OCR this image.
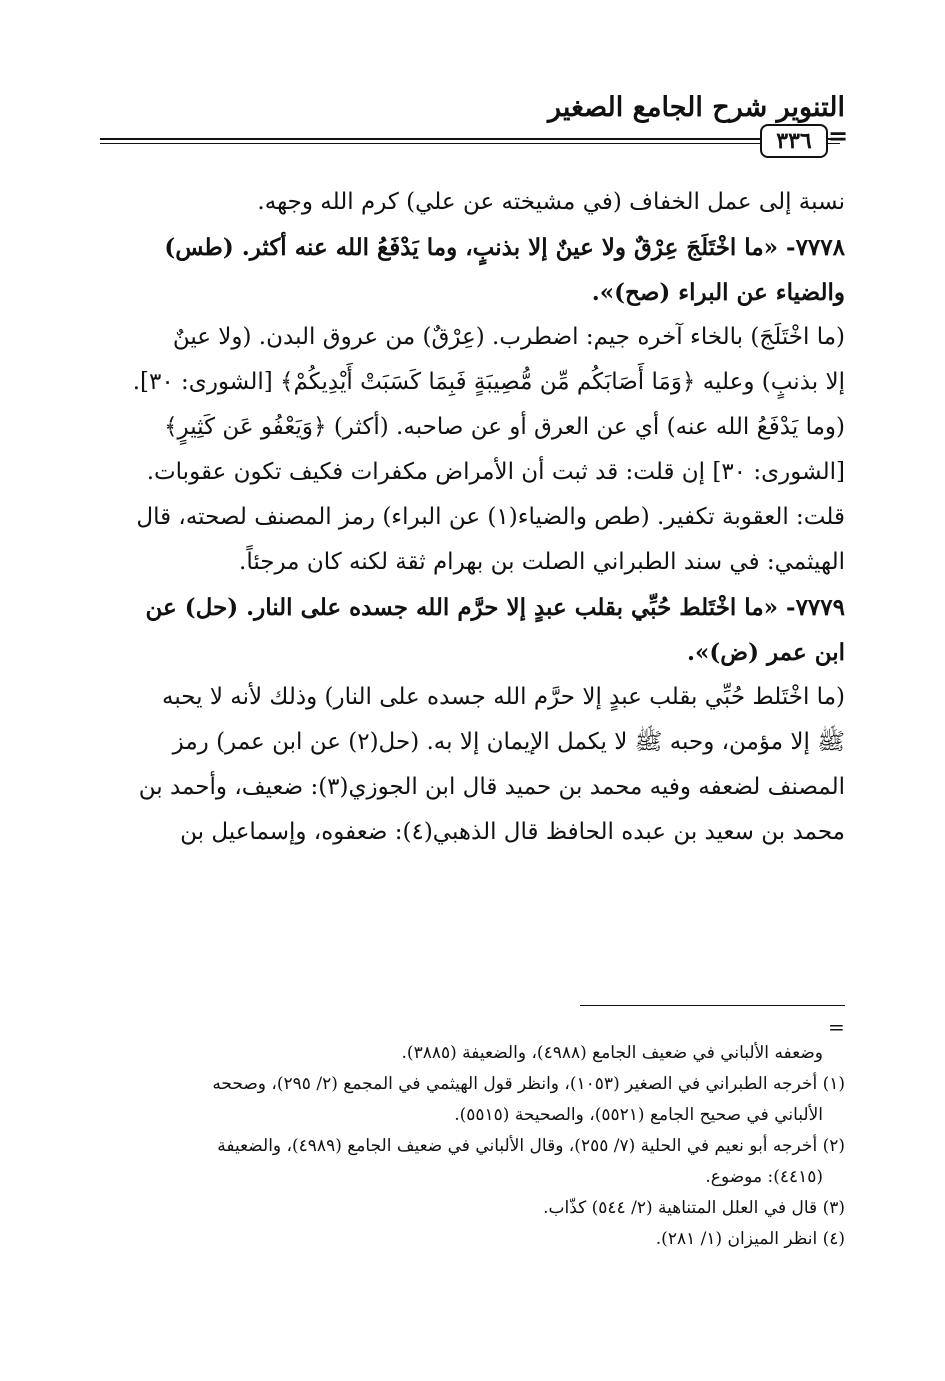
التنوير شرح الجامع الصغير
٣٣٦ =
نسبة إلى عمل الخفاف (في مشيخته عن علي) كرم الله وجهه.
٧٧٧٨- «ما اخْتَلَجَ عِرْقٌ ولا عينٌ إلا بذنبٍ، وما يَدْفَعُ الله عنه أكثر. (طس)
والضياء عن البراء (صح)».
(ما اخْتَلَجَ) بالخاء آخره جيم: اضطرب. (عِرْقٌ) من عروق البدن. (ولا عينٌ
إلا بذنبٍ) وعليه ﴿وَمَا أَصَابَكُم مِّن مُّصِيبَةٍ فَبِمَا كَسَبَتْ أَيْدِيكُمْ﴾ [الشورى: ٣٠].
(وما يَدْفَعُ الله عنه) أي عن العرق أو عن صاحبه. (أكثر) ﴿وَيَعْفُو عَن كَثِيرٍ﴾
[الشورى: ٣٠] إن قلت: قد ثبت أن الأمراض مكفرات فكيف تكون عقوبات.
قلت: العقوبة تكفير. (طص والضياء(١) عن البراء) رمز المصنف لصحته، قال
الهيثمي: في سند الطبراني الصلت بن بهرام ثقة لكنه كان مرجئاً.
٧٧٧٩- «ما اخْتَلط حُبِّي بقلب عبدٍ إلا حرَّم الله جسده على النار. (حل) عن
ابن عمر (ض)».
(ما اخْتَلط حُبِّي بقلب عبدٍ إلا حرَّم الله جسده على النار) وذلك لأنه لا يحبه
ﷺ إلا مؤمن، وحبه ﷺ لا يكمل الإيمان إلا به. (حل(٢) عن ابن عمر) رمز
المصنف لضعفه وفيه محمد بن حميد قال ابن الجوزي(٣): ضعيف، وأحمد بن
محمد بن سعيد بن عبده الحافظ قال الذهبي(٤): ضعفوه، وإسماعيل بن
=
وضعفه الألباني في ضعيف الجامع (٤٩٨٨)، والضعيفة (٣٨٨٥).
(١) أخرجه الطبراني في الصغير (١٠٥٣)، وانظر قول الهيثمي في المجمع (٢/ ٢٩٥)، وصححه
الألباني في صحيح الجامع (٥٥٢١)، والصحيحة (٥٥١٥).
(٢) أخرجه أبو نعيم في الحلية (٧/ ٢٥٥)، وقال الألباني في ضعيف الجامع (٤٩٨٩)، والضعيفة
(٤٤١٥): موضوع.
(٣) قال في العلل المتناهية (٢/ ٥٤٤) كذّاب.
(٤) انظر الميزان (١/ ٢٨١).
